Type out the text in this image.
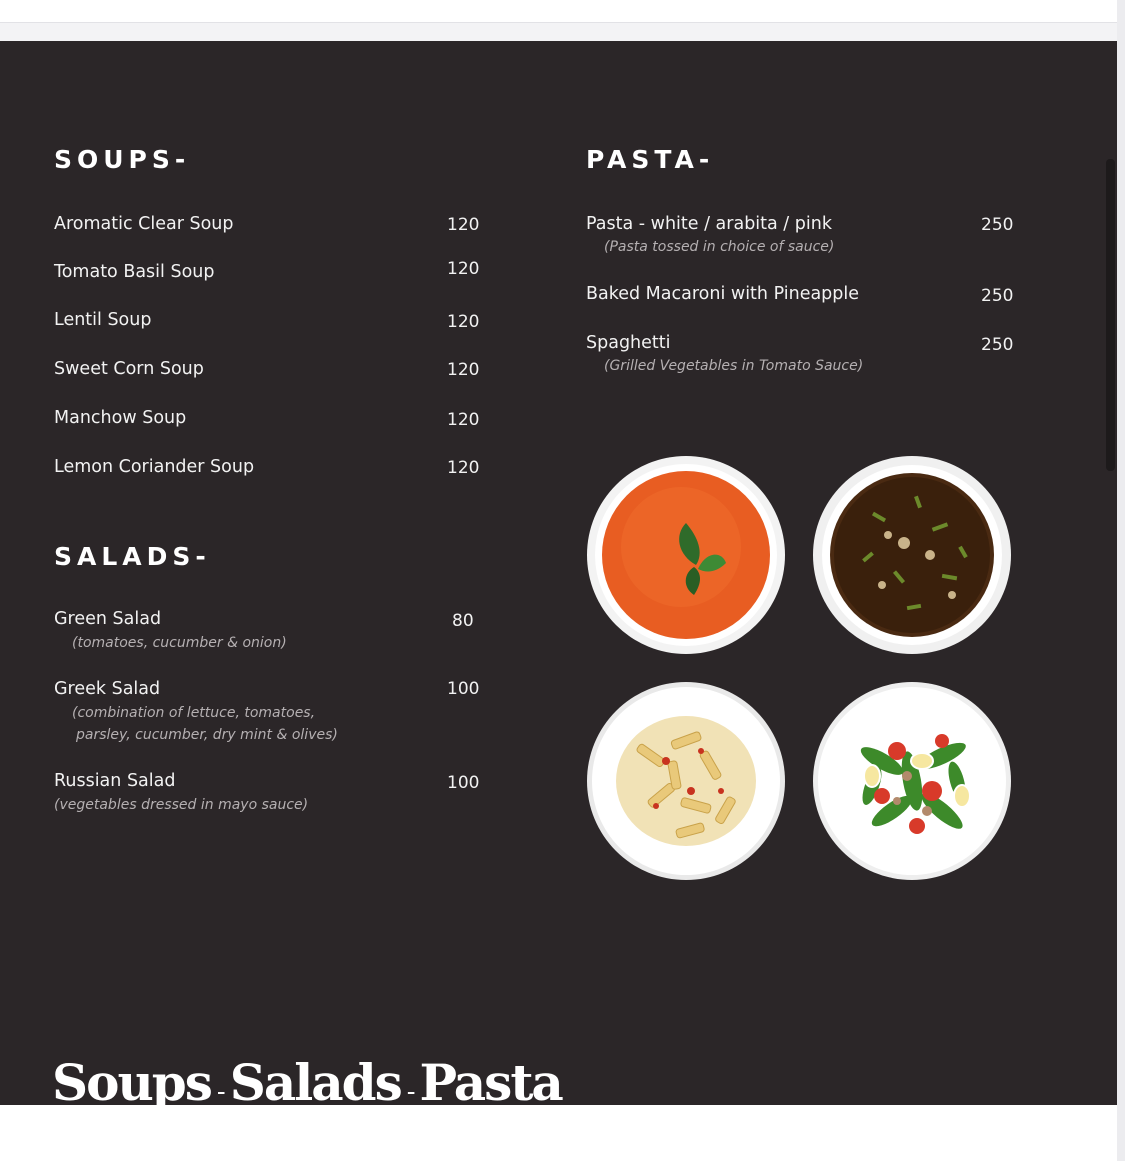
SOUPS-
Aromatic Clear Soup	120
Tomato Basil Soup	120
Lentil Soup	120
Sweet Corn Soup	120
Manchow Soup	120
Lemon Coriander Soup	120
SALADS-
Green Salad	80
(tomatoes, cucumber & onion)
Greek Salad	100
(combination of lettuce, tomatoes,
parsley, cucumber, dry mint & olives)
Russian Salad	100
(vegetables dressed in mayo sauce)
PASTA-
Pasta - white / arabita / pink	250
(Pasta tossed in choice of sauce)
Baked Macaroni with Pineapple	250
Spaghetti	250
(Grilled Vegetables in Tomato Sauce)
Soups - Salads - Pasta
